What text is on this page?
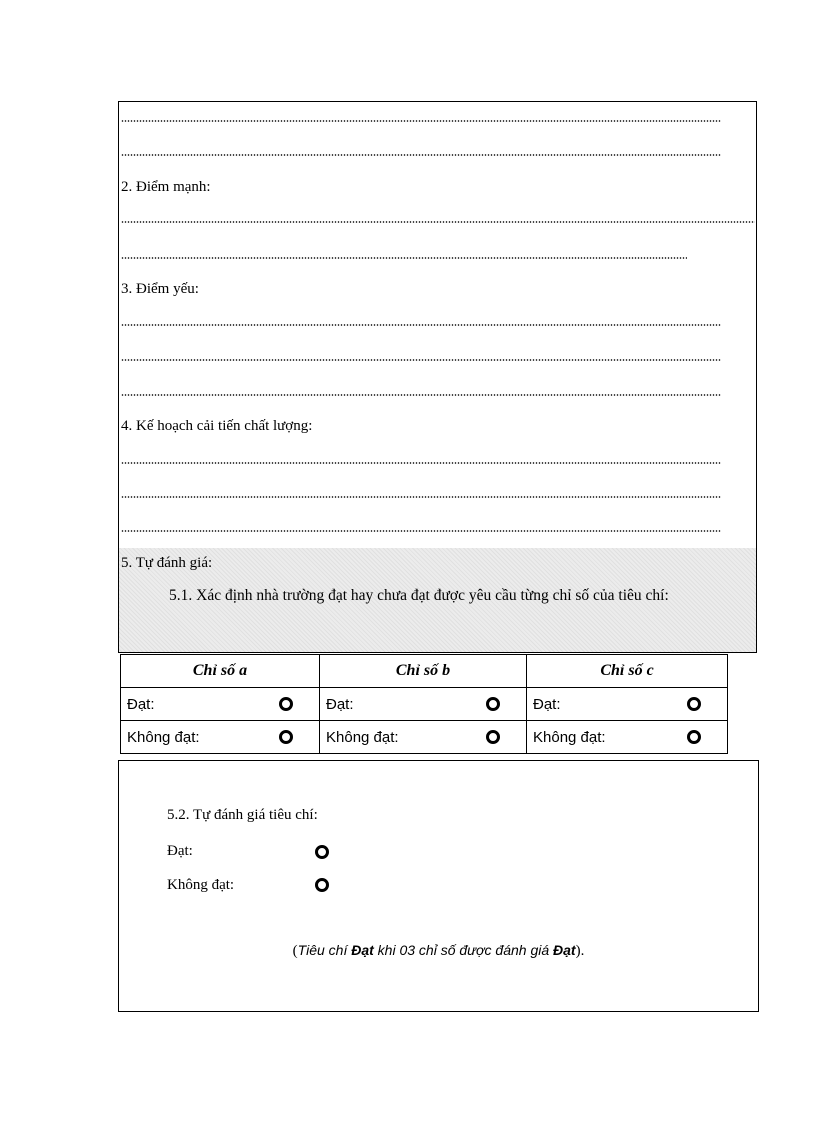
2. Điểm mạnh:
3. Điểm yếu:
4. Kế hoạch cải tiến chất lượng:
5. Tự đánh giá:
5.1. Xác định nhà trường đạt hay chưa đạt được yêu cầu từng chỉ số của tiêu chí:
Chỉ số a	Chỉ số b	Chỉ số c

Đạt:	Đạt:	Đạt:

Không đạt:	Không đạt:	Không đạt:
5.2. Tự đánh giá tiêu chí:
Đạt:
Không đạt:
(Tiêu chí Đạt khi 03 chỉ số được đánh giá Đạt).
